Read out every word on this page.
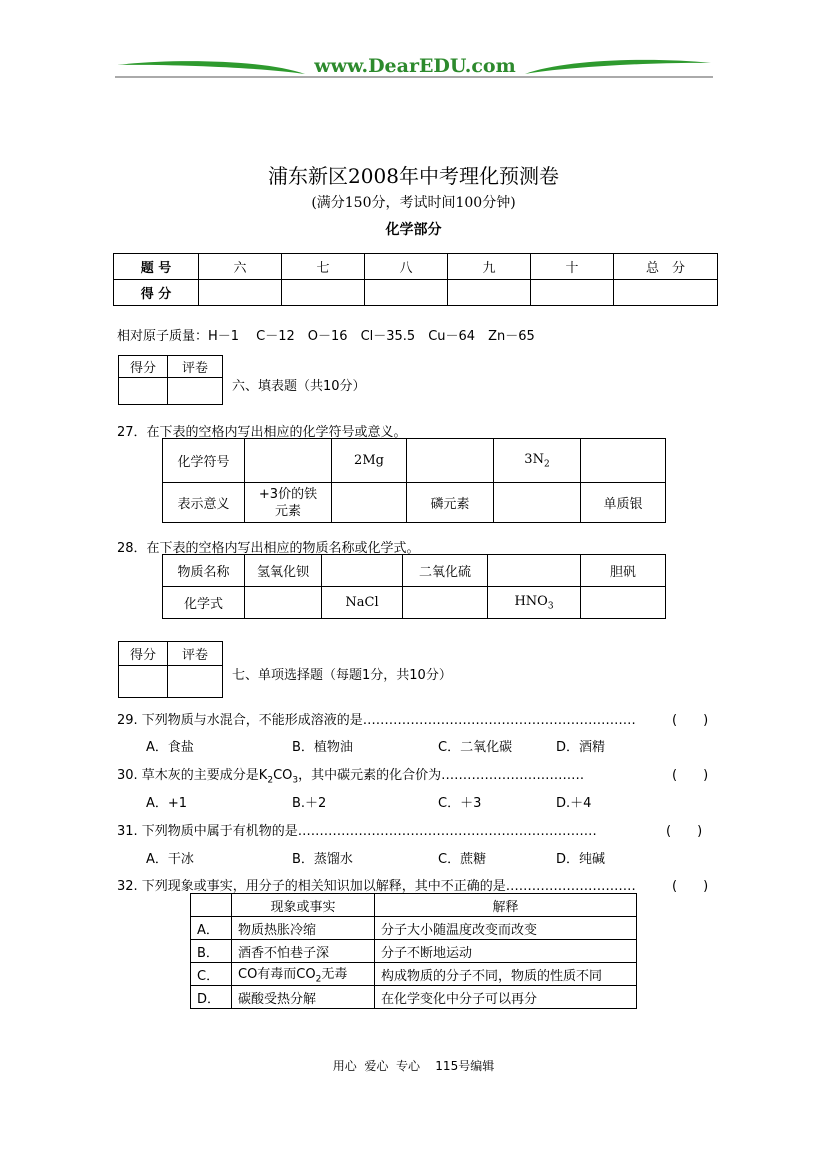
www.DearEDU.com
浦东新区2008年中考理化预测卷
(满分150分，考试时间100分钟)
化学部分
题 号	六	七	八	九	十	总　分
得 分						
相对原子质量：H－1　 C－12　O－16　Cl－35.5　Cu－64　Zn－65
得分	评卷

六、填表题（共10分）
27．在下表的空格内写出相应的化学符号或意义。
化学符号		2Mg		$3N_2$	
表示意义	+3价的铁元素		磷元素		单质银
28．在下表的空格内写出相应的物质名称或化学式。
物质名称	氢氧化钡		二氧化硫		胆矾
化学式		NaCl		$HNO_3$	
得分	评卷

七、单项选择题（每题1分，共10分）
29. 下列物质与水混合，不能形成溶液的是………………………………………………………	(　　)
A．食盐	B．植物油	C．二氧化碳	D．酒精
30. 草木灰的主要成分是$K_2CO_3$，其中碳元素的化合价为……………………………	(　　)
A．+1	B.＋2	C．＋3	D.＋4
31. 下列物质中属于有机物的是……………………………………………………………	(　　)
A．干冰	B．蒸馏水	C．蔗糖	D．纯碱
32. 下列现象或事实，用分子的相关知识加以解释，其中不正确的是…………………………	(　　)
	现象或事实	解释
A．	物质热胀冷缩	分子大小随温度改变而改变
B．	酒香不怕巷子深	分子不断地运动
C．	CO有毒而$CO_2$无毒	构成物质的分子不同，物质的性质不同
D．	碳酸受热分解	在化学变化中分子可以再分
用心  爱心  专心    115号编辑
